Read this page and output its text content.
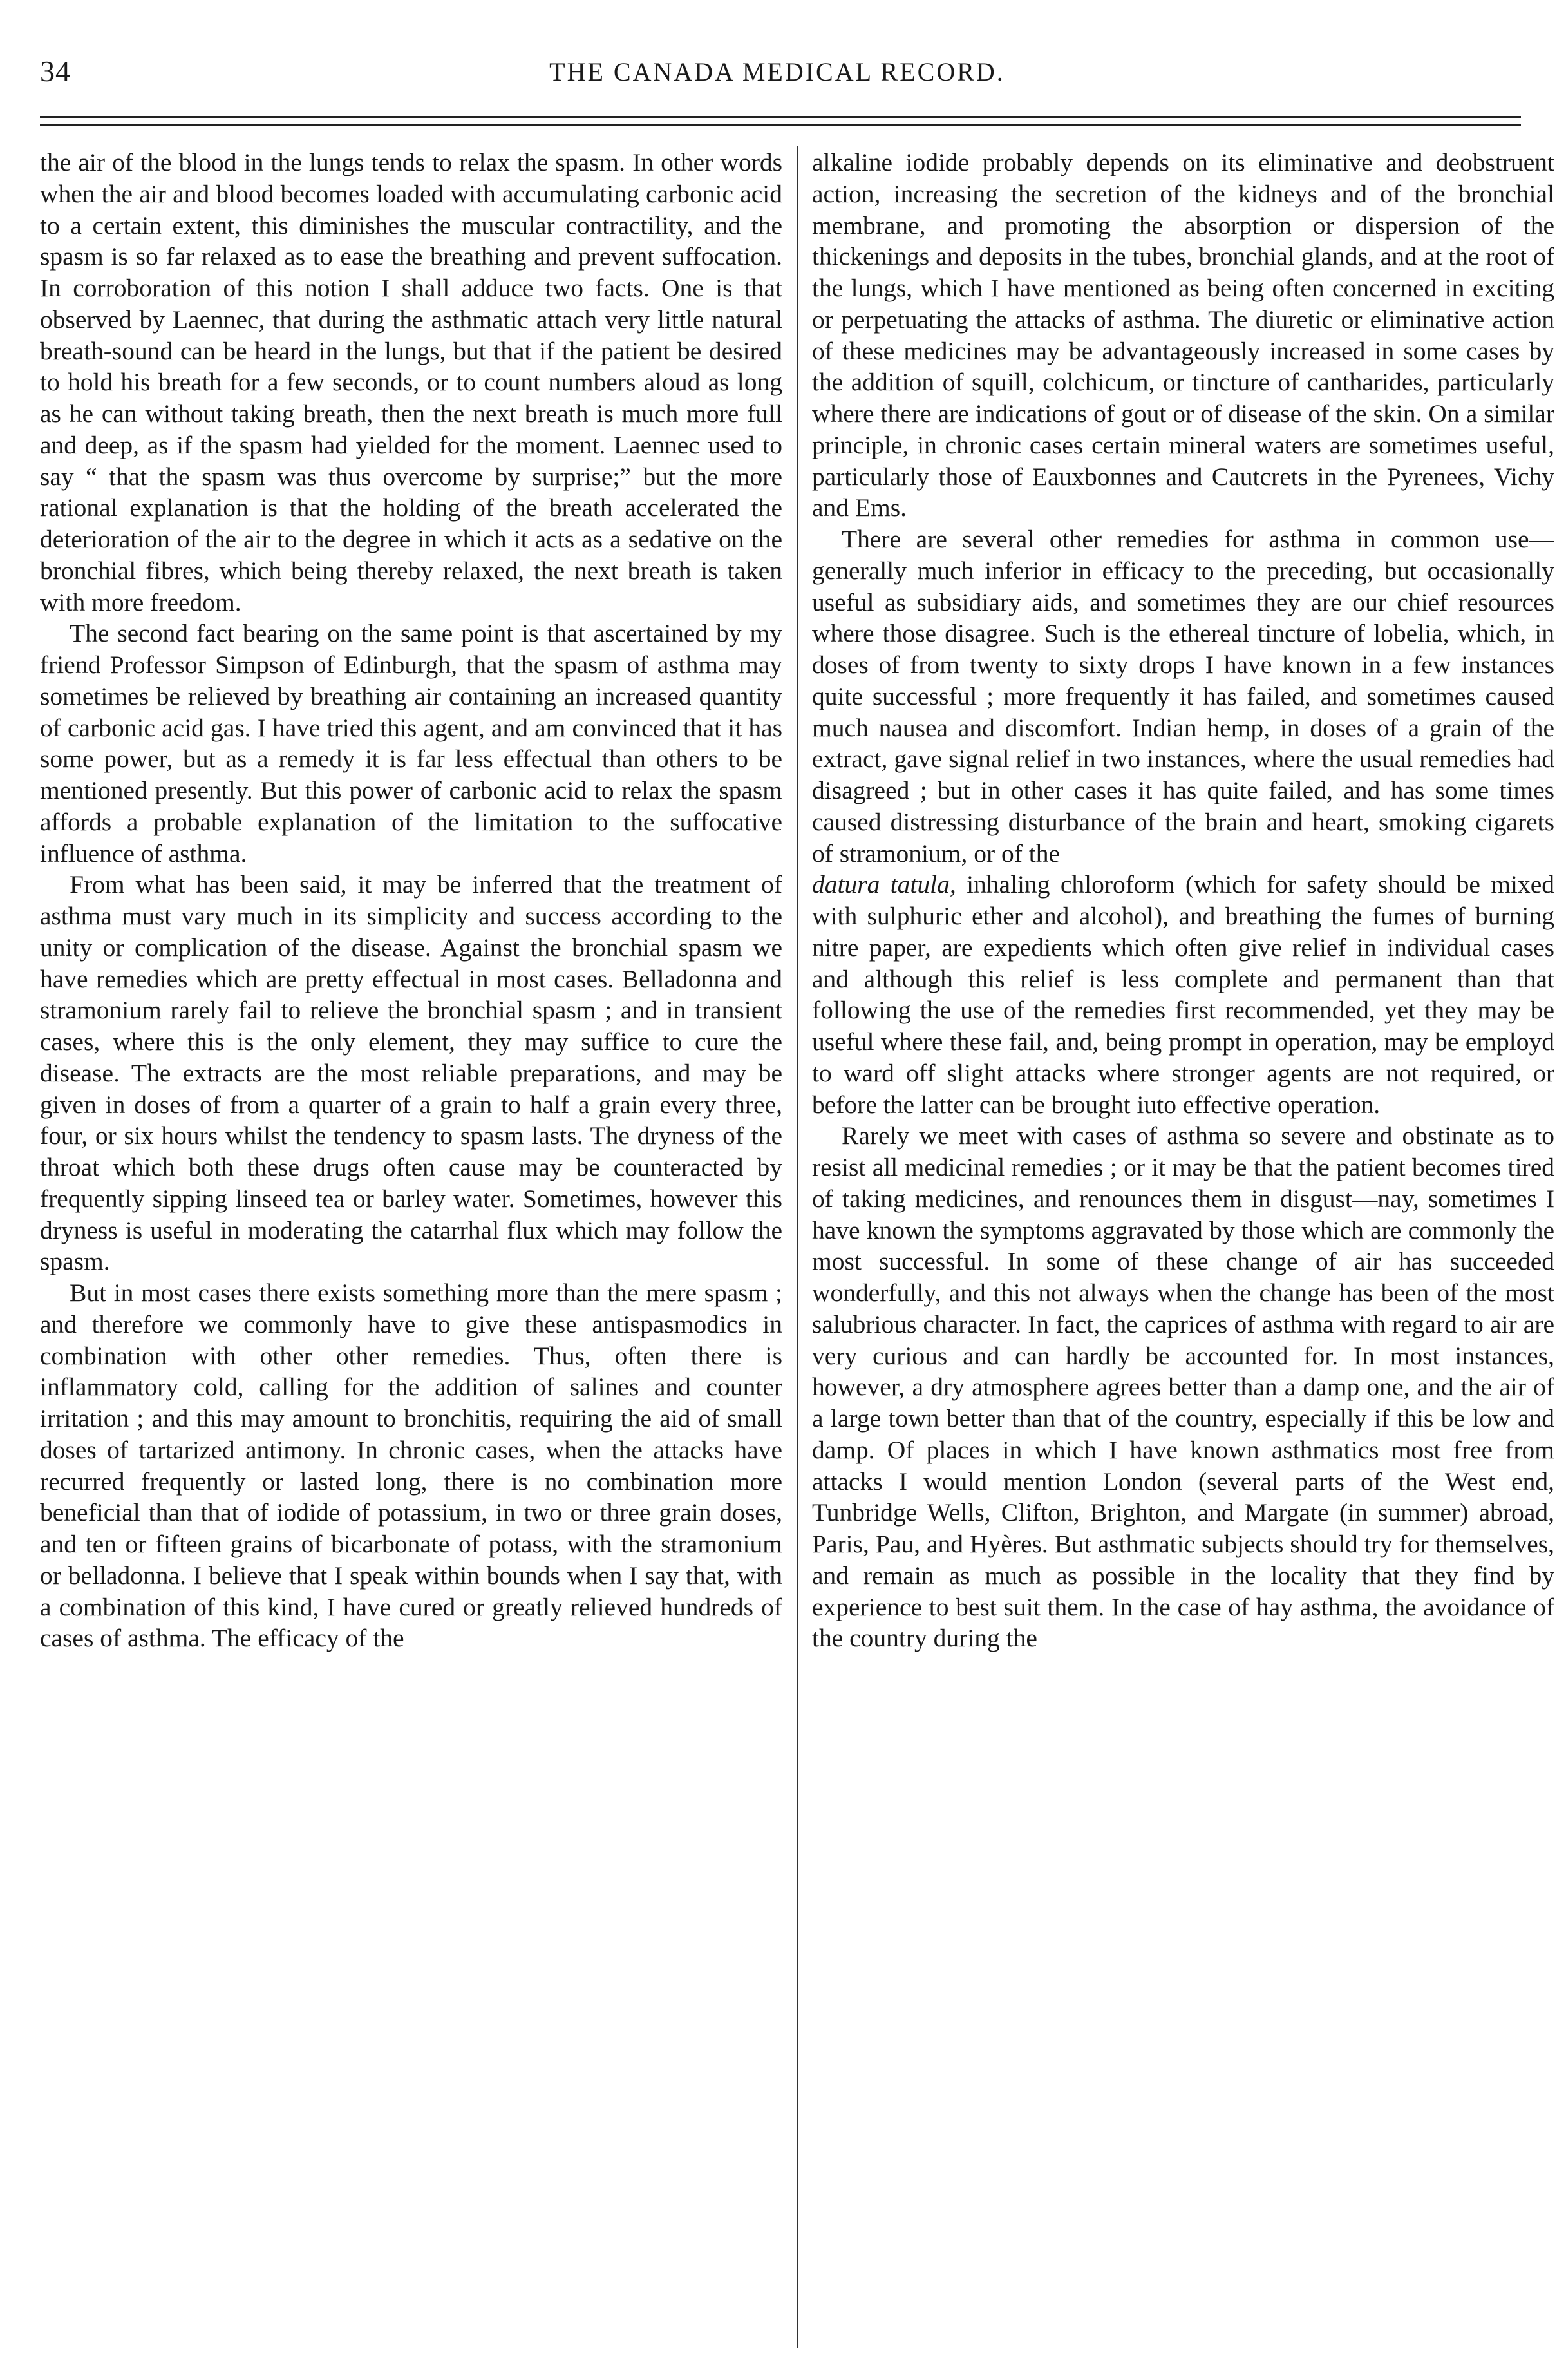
34	THE CANADA MEDICAL RECORD.

the air of the blood in the lungs tends to relax the spasm. In other words when the air and blood becomes loaded with accumulating carbonic acid to a certain extent, this diminishes the muscular contractility, and the spasm is so far relaxed as to ease the breathing and prevent suffocation. In corroboration of this notion I shall adduce two facts. One is that observed by Laennec, that during the asthmatic attach very little natural breath-sound can be heard in the lungs, but that if the patient be desired to hold his breath for a few seconds, or to count numbers aloud as long as he can without taking breath, then the next breath is much more full and deep, as if the spasm had yielded for the moment. Laennec used to say “ that the spasm was thus overcome by surprise;” but the more rational explanation is that the holding of the breath accelerated the deterioration of the air to the degree in which it acts as a sedative on the bronchial fibres, which being thereby relaxed, the next breath is taken with more freedom.

The second fact bearing on the same point is that ascertained by my friend Professor Simpson of Edinburgh, that the spasm of asthma may sometimes be relieved by breathing air containing an increased quantity of carbonic acid gas. I have tried this agent, and am convinced that it has some power, but as a remedy it is far less effectual than others to be mentioned presently. But this power of carbonic acid to relax the spasm affords a probable explanation of the limitation to the suffocative influence of asthma.

From what has been said, it may be inferred that the treatment of asthma must vary much in its simplicity and success according to the unity or complication of the disease. Against the bronchial spasm we have remedies which are pretty effectual in most cases. Belladonna and stramonium rarely fail to relieve the bronchial spasm ; and in transient cases, where this is the only element, they may suffice to cure the disease. The extracts are the most reliable preparations, and may be given in doses of from a quarter of a grain to half a grain every three, four, or six hours whilst the tendency to spasm lasts. The dryness of the throat which both these drugs often cause may be counteracted by frequently sipping linseed tea or barley water. Sometimes, however this dryness is useful in moderating the catarrhal flux which may follow the spasm.

But in most cases there exists something more than the mere spasm ; and therefore we commonly have to give these antispasmodics in combination with other other remedies. Thus, often there is inflammatory cold, calling for the addition of salines and counter irritation ; and this may amount to bronchitis, requiring the aid of small doses of tartarized antimony. In chronic cases, when the attacks have recurred frequently or lasted long, there is no combination more beneficial than that of iodide of potassium, in two or three grain doses, and ten or fifteen grains of bicarbonate of potass, with the stramonium or belladonna. I believe that I speak within bounds when I say that, with a combination of this kind, I have cured or greatly relieved hundreds of cases of asthma. The efficacy of the

alkaline iodide probably depends on its eliminative and deobstruent action, increasing the secretion of the kidneys and of the bronchial membrane, and promoting the absorption or dispersion of the thickenings and deposits in the tubes, bronchial glands, and at the root of the lungs, which I have mentioned as being often concerned in exciting or perpetuating the attacks of asthma. The diuretic or eliminative action of these medicines may be advantageously increased in some cases by the addition of squill, colchicum, or tincture of cantharides, particularly where there are indications of gout or of disease of the skin. On a similar principle, in chronic cases certain mineral waters are sometimes useful, particularly those of Eauxbonnes and Cautcrets in the Pyrenees, Vichy and Ems.

There are several other remedies for asthma in common use—generally much inferior in efficacy to the preceding, but occasionally useful as subsidiary aids, and sometimes they are our chief resources where those disagree. Such is the ethereal tincture of lobelia, which, in doses of from twenty to sixty drops I have known in a few instances quite successful ; more frequently it has failed, and sometimes caused much nausea and discomfort. Indian hemp, in doses of a grain of the extract, gave signal relief in two instances, where the usual remedies had disagreed ; but in other cases it has quite failed, and has some times caused distressing disturbance of the brain and heart, smoking cigarets of stramonium, or of the

datura tatula, inhaling chloroform (which for safety should be mixed with sulphuric ether and alcohol), and breathing the fumes of burning nitre paper, are expedients which often give relief in individual cases and although this relief is less complete and permanent than that following the use of the remedies first recommended, yet they may be useful where these fail, and, being prompt in operation, may be employd to ward off slight attacks where stronger agents are not required, or before the latter can be brought iuto effective operation.

Rarely we meet with cases of asthma so severe and obstinate as to resist all medicinal remedies ; or it may be that the patient becomes tired of taking medicines, and renounces them in disgust—nay, sometimes I have known the symptoms aggravated by those which are commonly the most successful. In some of these change of air has succeeded wonderfully, and this not always when the change has been of the most salubrious character. In fact, the caprices of asthma with regard to air are very curious and can hardly be accounted for. In most instances, however, a dry atmosphere agrees better than a damp one, and the air of a large town better than that of the country, especially if this be low and damp. Of places in which I have known asthmatics most free from attacks I would mention London (several parts of the West end, Tunbridge Wells, Clifton, Brighton, and Margate (in summer) abroad, Paris, Pau, and Hyères. But asthmatic subjects should try for themselves, and remain as much as possible in the locality that they find by experience to best suit them. In the case of hay asthma, the avoidance of the country during the
